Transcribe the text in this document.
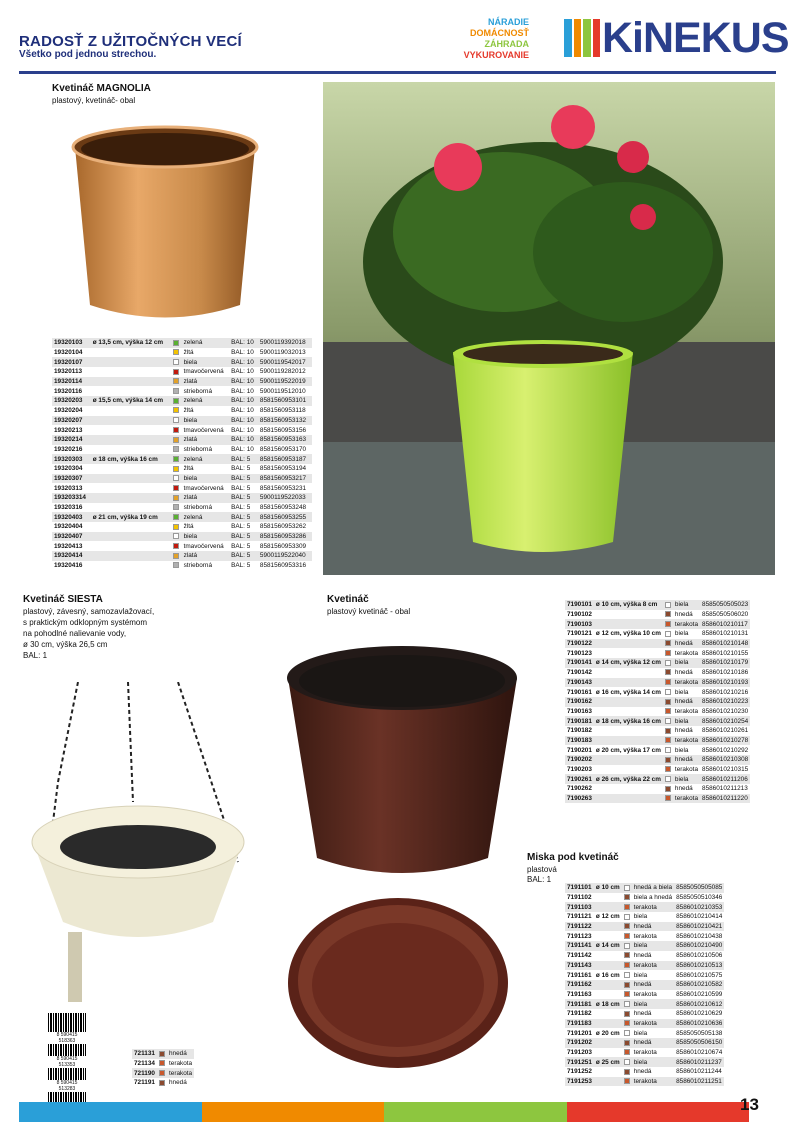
RADOSŤ Z UŽITOČNÝCH VECÍ
Všetko pod jednou strechou.
NÁRADIE
DOMÁCNOSŤ
ZÁHRADA
VYKUROVANIE KiNEKUS
Kvetináč MAGNOLIA
plastový, kvetináč- obal
19320103	ø 13,5 cm, výška 12 cm		zelená	BAL: 10	5900119392018
19320104			žltá	BAL: 10	5900119032013
19320107			biela	BAL: 10	5900119542017
19320113			tmavočervená	BAL: 10	5900119282012
19320114			zlatá	BAL: 10	5900119522019
19320116			strieborná	BAL: 10	5900119512010
19320203	ø 15,5 cm, výška 14 cm		zelená	BAL: 10	8581560953101
19320204			žltá	BAL: 10	8581560953118
19320207			biela	BAL: 10	8581560953132
19320213			tmavočervená	BAL: 10	8581560953156
19320214			zlatá	BAL: 10	8581560953163
19320216			strieborná	BAL: 10	8581560953170
19320303	ø 18 cm, výška 16 cm		zelená	BAL: 5	8581560953187
19320304			žltá	BAL: 5	8581560953194
19320307			biela	BAL: 5	8581560953217
19320313			tmavočervená	BAL: 5	8581560953231
193203314			zlatá	BAL: 5	5900119522033
19320316			strieborná	BAL: 5	8581560953248
19320403	ø 21 cm, výška 19 cm		zelená	BAL: 5	8581560953255
19320404			žltá	BAL: 5	8581560953262
19320407			biela	BAL: 5	8581560953286
19320413			tmavočervená	BAL: 5	8581560953309
19320414			zlatá	BAL: 5	5900119522040
19320416			strieborná	BAL: 5	8581560953316
Kvetináč SIESTA
plastový, závesný, samozavlažovací,
s praktickým odklopným systémom
na pohodlné nalievanie vody,
ø 30 cm, výška 26,5 cm
BAL: 1
8 590415 518363
8 590415 513353
8 590415 513283
721131		hnedá
721134		terakota
721190		terakota
721191		hnedá
Kvetináč
plastový kvetináč - obal
7190101	ø 10 cm, výška 8 cm		biela	8585050505023
7190102			hnedá	8585050506020
7190103			terakota	8586010210117
7190121	ø 12 cm, výška 10 cm		biela	8586010210131
7190122			hnedá	8586010210148
7190123			terakota	8586010210155
7190141	ø 14 cm, výška 12 cm		biela	8586010210179
7190142			hnedá	8586010210186
7190143			terakota	8586010210193
7190161	ø 16 cm, výška 14 cm		biela	8586010210216
7190162			hnedá	8586010210223
7190163			terakota	8586010210230
7190181	ø 18 cm, výška 16 cm		biela	8586010210254
7190182			hnedá	8586010210261
7190183			terakota	8586010210278
7190201	ø 20 cm, výška 17 cm		biela	8586010210292
7190202			hnedá	8586010210308
7190203			terakota	8586010210315
7190261	ø 26 cm, výška 22 cm		biela	8586010211206
7190262			hnedá	8586010211213
7190263			terakota	8586010211220
Miska pod kvetináč
plastová
BAL: 1
7191101	ø 10 cm		hnedá a biela	8585050505085
7191102			biela a hnedá	8585050510346
7191103			terakota	8586010210353
7191121	ø 12 cm		biela	8586010210414
7191122			hnedá	8586010210421
7191123			terakota	8586010210438
7191141	ø 14 cm		biela	8586010210490
7191142			hnedá	8586010210506
7191143			terakota	8586010210513
7191161	ø 16 cm		biela	8586010210575
7191162			hnedá	8586010210582
7191163			terakota	8586010210599
7191181	ø 18 cm		biela	8586010210612
7191182			hnedá	8586010210629
7191183			terakota	8586010210636
7191201	ø 20 cm		biela	8585050505138
7191202			hnedá	8585050506150
7191203			terakota	8586010210674
7191251	ø 25 cm		biela	8586010211237
7191252			hnedá	8586010211244
7191253			terakota	8586010211251
13
